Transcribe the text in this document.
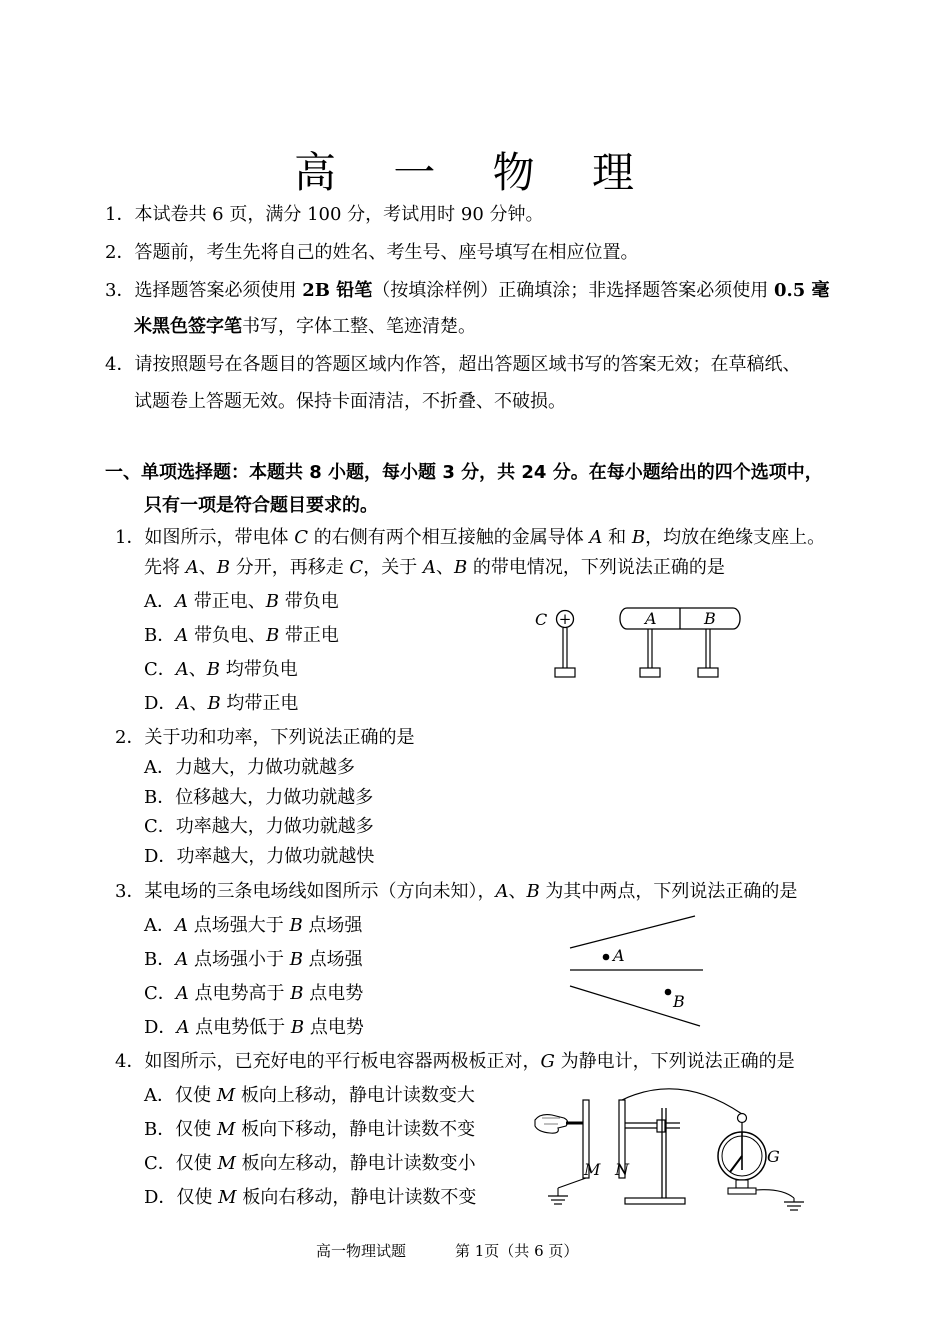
高 一 物 理
1．本试卷共 6 页，满分 100 分，考试用时 90 分钟。
2．答题前，考生先将自己的姓名、考生号、座号填写在相应位置。
3．选择题答案必须使用 2B 铅笔（按填涂样例）正确填涂；非选择题答案必须使用 0.5 毫
米黑色签字笔书写，字体工整、笔迹清楚。
4．请按照题号在各题目的答题区域内作答，超出答题区域书写的答案无效；在草稿纸、
试题卷上答题无效。保持卡面清洁，不折叠、不破损。
一、单项选择题：本题共 8 小题，每小题 3 分，共 24 分。在每小题给出的四个选项中，
只有一项是符合题目要求的。
1．如图所示，带电体 C 的右侧有两个相互接触的金属导体 A 和 B，均放在绝缘支座上。
先将 A、B 分开，再移走 C，关于 A、B 的带电情况，下列说法正确的是
A．A 带正电、B 带负电
B．A 带负电、B 带正电
C．A、B 均带负电
D．A、B 均带正电
C +	A	B
2．关于功和功率，下列说法正确的是
A．力越大，力做功就越多
B．位移越大，力做功就越多
C．功率越大，力做功就越多
D．功率越大，力做功就越快
3．某电场的三条电场线如图所示（方向未知），A、B 为其中两点，下列说法正确的是
A．A 点场强大于 B 点场强
B．A 点场强小于 B 点场强
C．A 点电势高于 B 点电势
D．A 点电势低于 B 点电势
A
B
4．如图所示，已充好电的平行板电容器两极板正对，G 为静电计，下列说法正确的是
A．仅使 M 板向上移动，静电计读数变大
B．仅使 M 板向下移动，静电计读数不变
C．仅使 M 板向左移动，静电计读数变小
D．仅使 M 板向右移动，静电计读数不变
M N
G
高一物理试题	第 1页（共 6 页）
